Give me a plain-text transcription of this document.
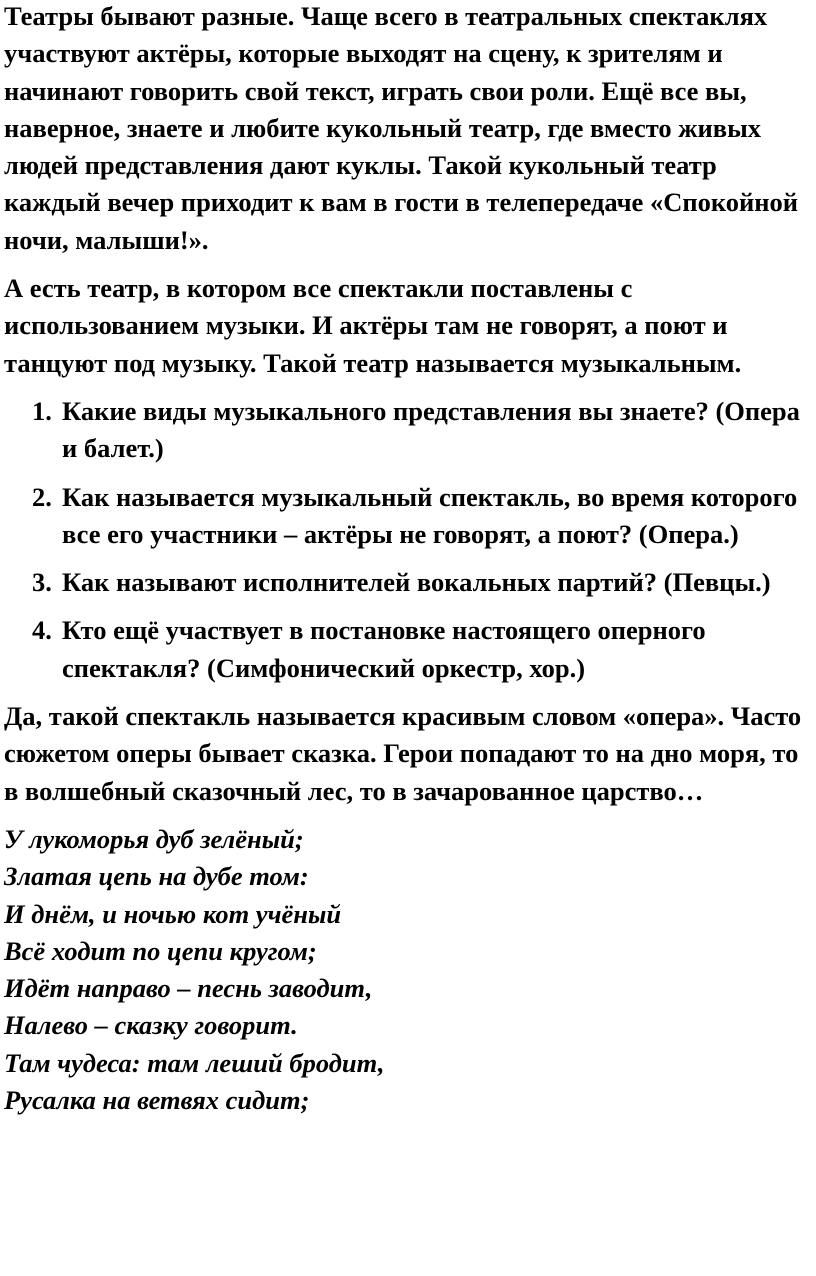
Театры бывают разные. Чаще всего в театральных спектаклях участвуют актёры, которые выходят на сцену, к зрителям и начинают говорить свой текст, играть свои роли. Ещё все вы, наверное, знаете и любите кукольный театр, где вместо живых людей представления дают куклы. Такой кукольный театр каждый вечер приходит к вам в гости в телепередаче «Спокойной ночи, малыши!».

А есть театр, в котором все спектакли поставлены с использованием музыки. И актёры там не говорят, а поют и танцуют под музыку. Такой театр называется музыкальным.

1. Какие виды музыкального представления вы знаете? (Опера и балет.)
2. Как называется музыкальный спектакль, во время которого все его участники – актёры не говорят, а поют? (Опера.)
3. Как называют исполнителей вокальных партий? (Певцы.)
4. Кто ещё участвует в постановке настоящего оперного спектакля? (Симфонический оркестр, хор.)

Да, такой спектакль называется красивым словом «опера». Часто сюжетом оперы бывает сказка. Герои попадают то на дно моря, то в волшебный сказочный лес, то в зачарованное царство…

У лукоморья дуб зелёный;
Златая цепь на дубе том:
И днём, и ночью кот учёный
Всё ходит по цепи кругом;
Идёт направо – песнь заводит,
Налево – сказку говорит.
Там чудеса: там леший бродит,
Русалка на ветвях сидит;
